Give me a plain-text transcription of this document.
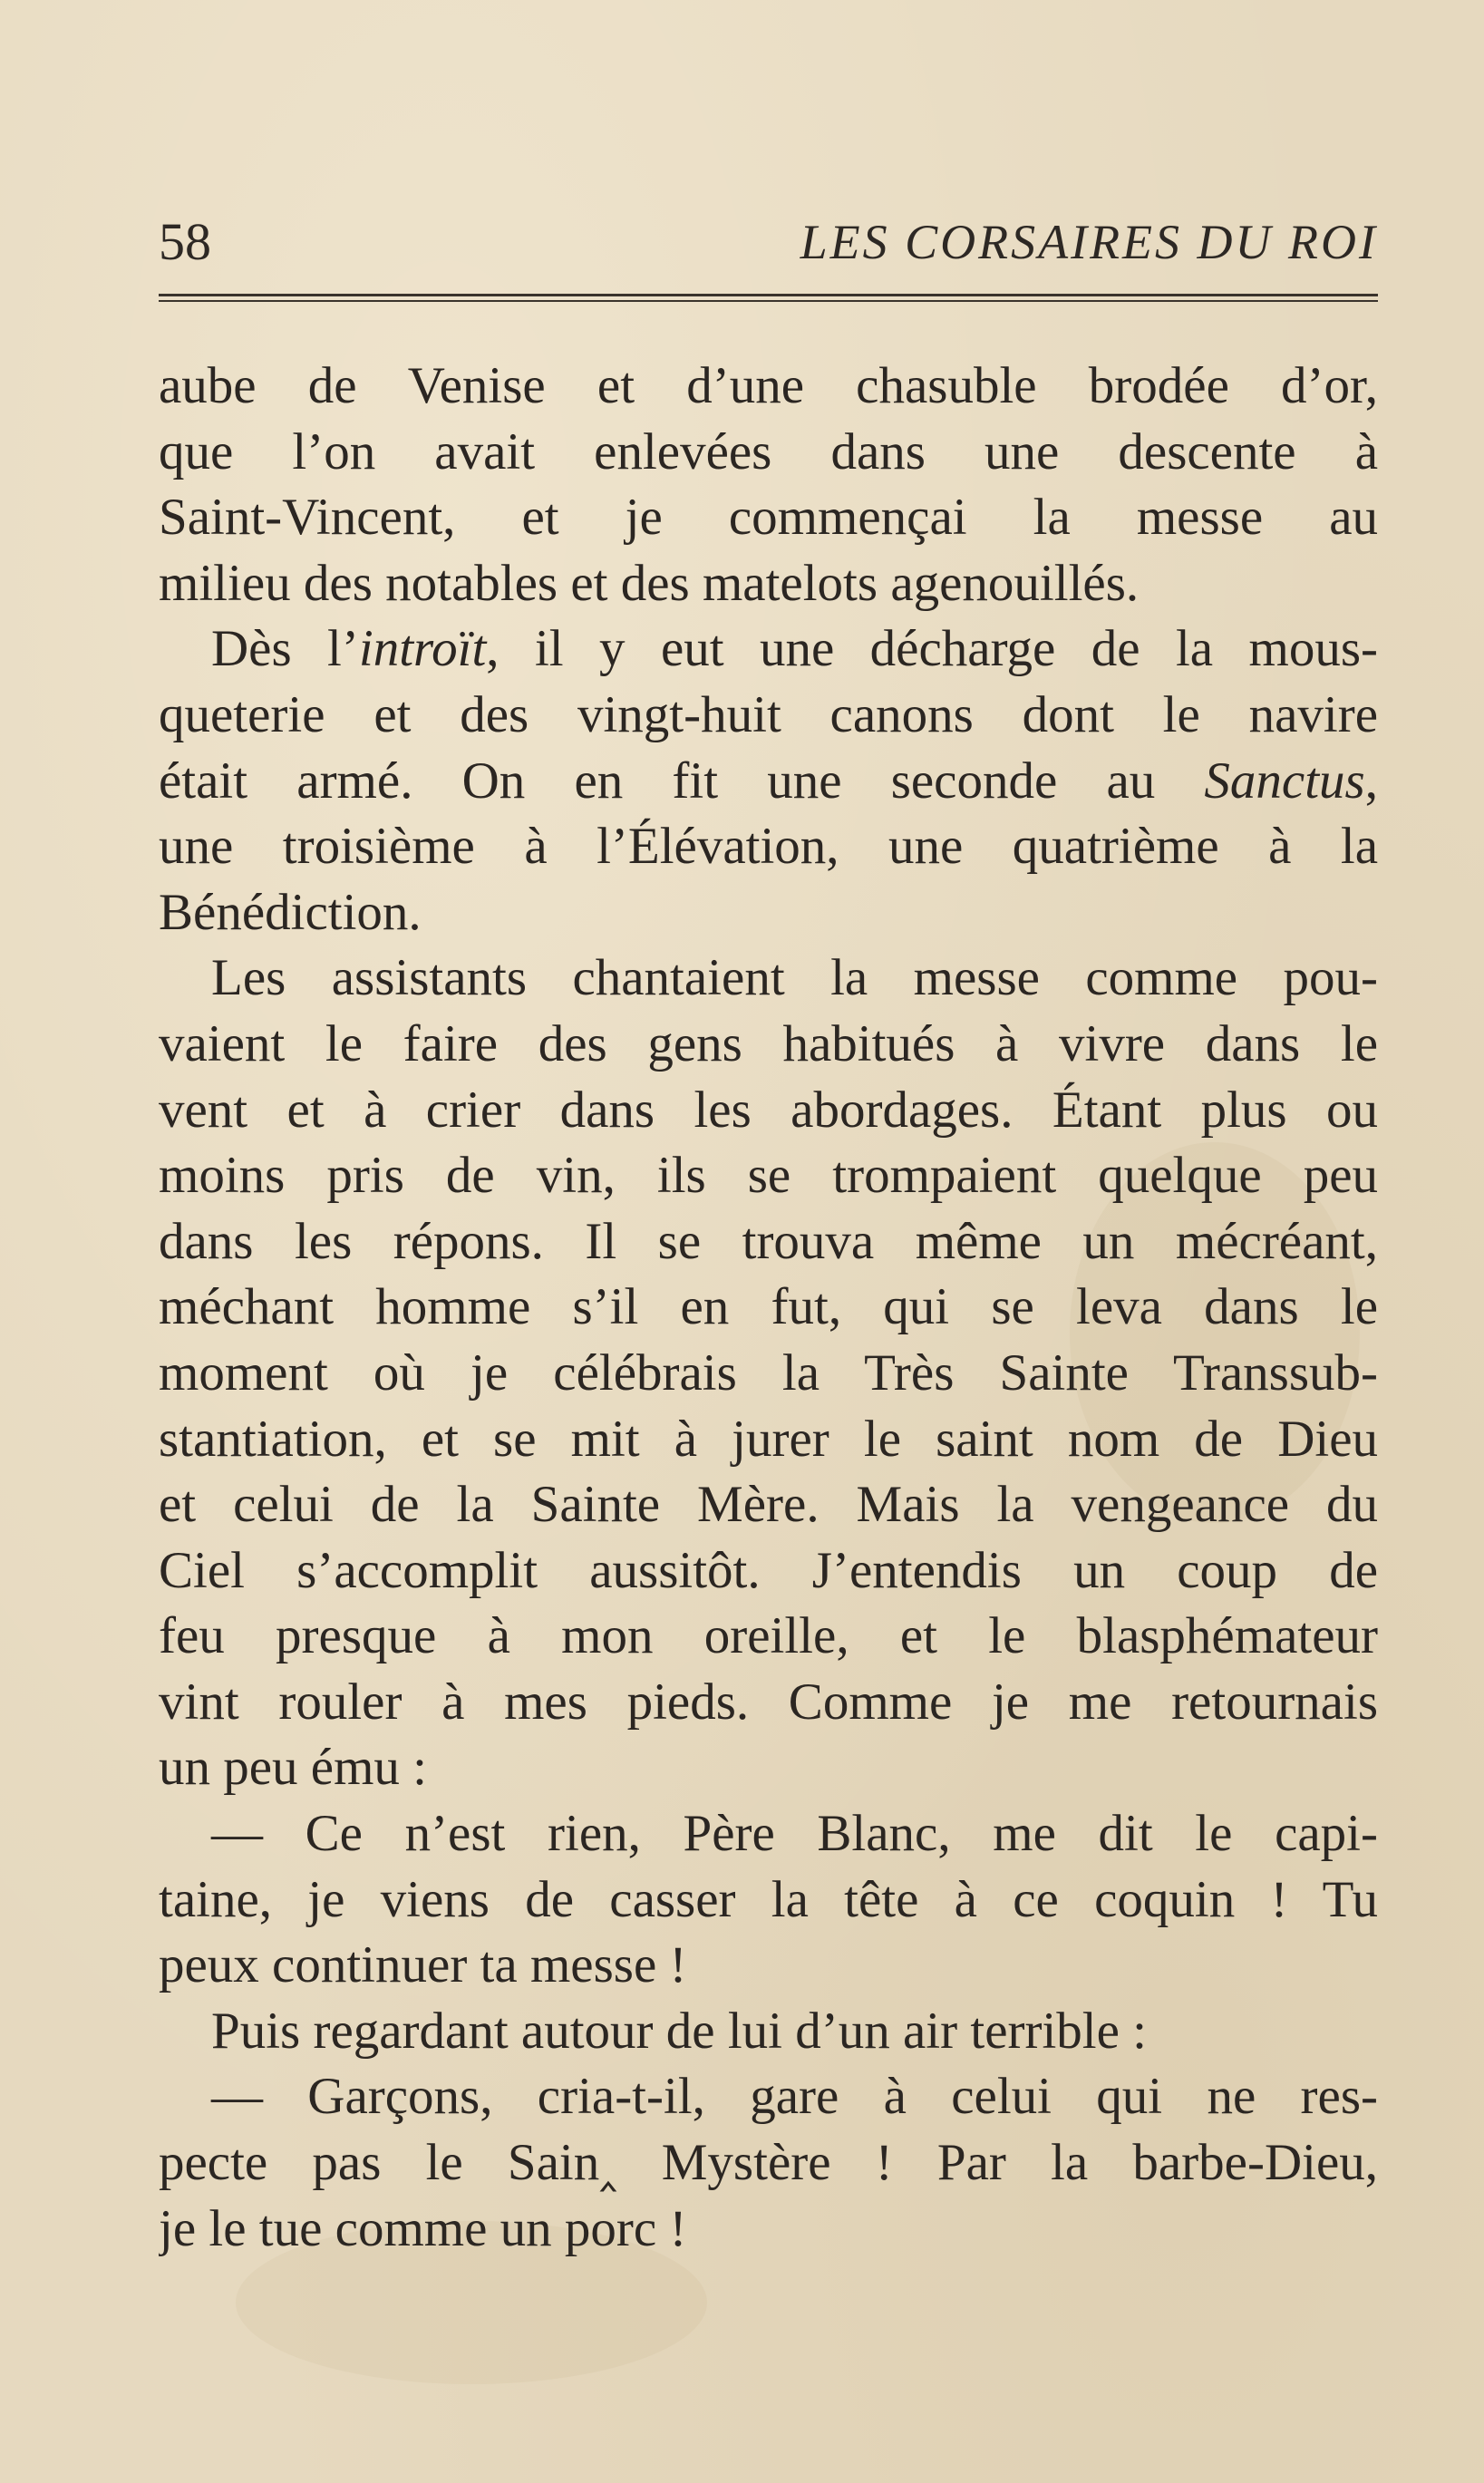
58	LES CORSAIRES DU ROI
aube de Venise et d’une chasuble brodée d’or,
que l’on avait enlevées dans une descente à
Saint-Vincent, et je commençai la messe au
milieu des notables et des matelots agenouillés.
Dès l’introït, il y eut une décharge de la mous-
queterie et des vingt-huit canons dont le navire
était armé. On en fit une seconde au Sanctus,
une troisième à l’Élévation, une quatrième à la
Bénédiction.
Les assistants chantaient la messe comme pou-
vaient le faire des gens habitués à vivre dans le
vent et à crier dans les abordages. Étant plus ou
moins pris de vin, ils se trompaient quelque peu
dans les répons. Il se trouva même un mécréant,
méchant homme s’il en fut, qui se leva dans le
moment où je célébrais la Très Sainte Transsub-
stantiation, et se mit à jurer le saint nom de Dieu
et celui de la Sainte Mère. Mais la vengeance du
Ciel s’accomplit aussitôt. J’entendis un coup de
feu presque à mon oreille, et le blasphémateur
vint rouler à mes pieds. Comme je me retournais
un peu ému :
— Ce n’est rien, Père Blanc, me dit le capi-
taine, je viens de casser la tête à ce coquin ! Tu
peux continuer ta messe !
Puis regardant autour de lui d’un air terrible :
— Garçons, cria-t-il, gare à celui qui ne res-
pecte pas le Sain‸ Mystère ! Par la barbe-Dieu,
je le tue comme un porc !
